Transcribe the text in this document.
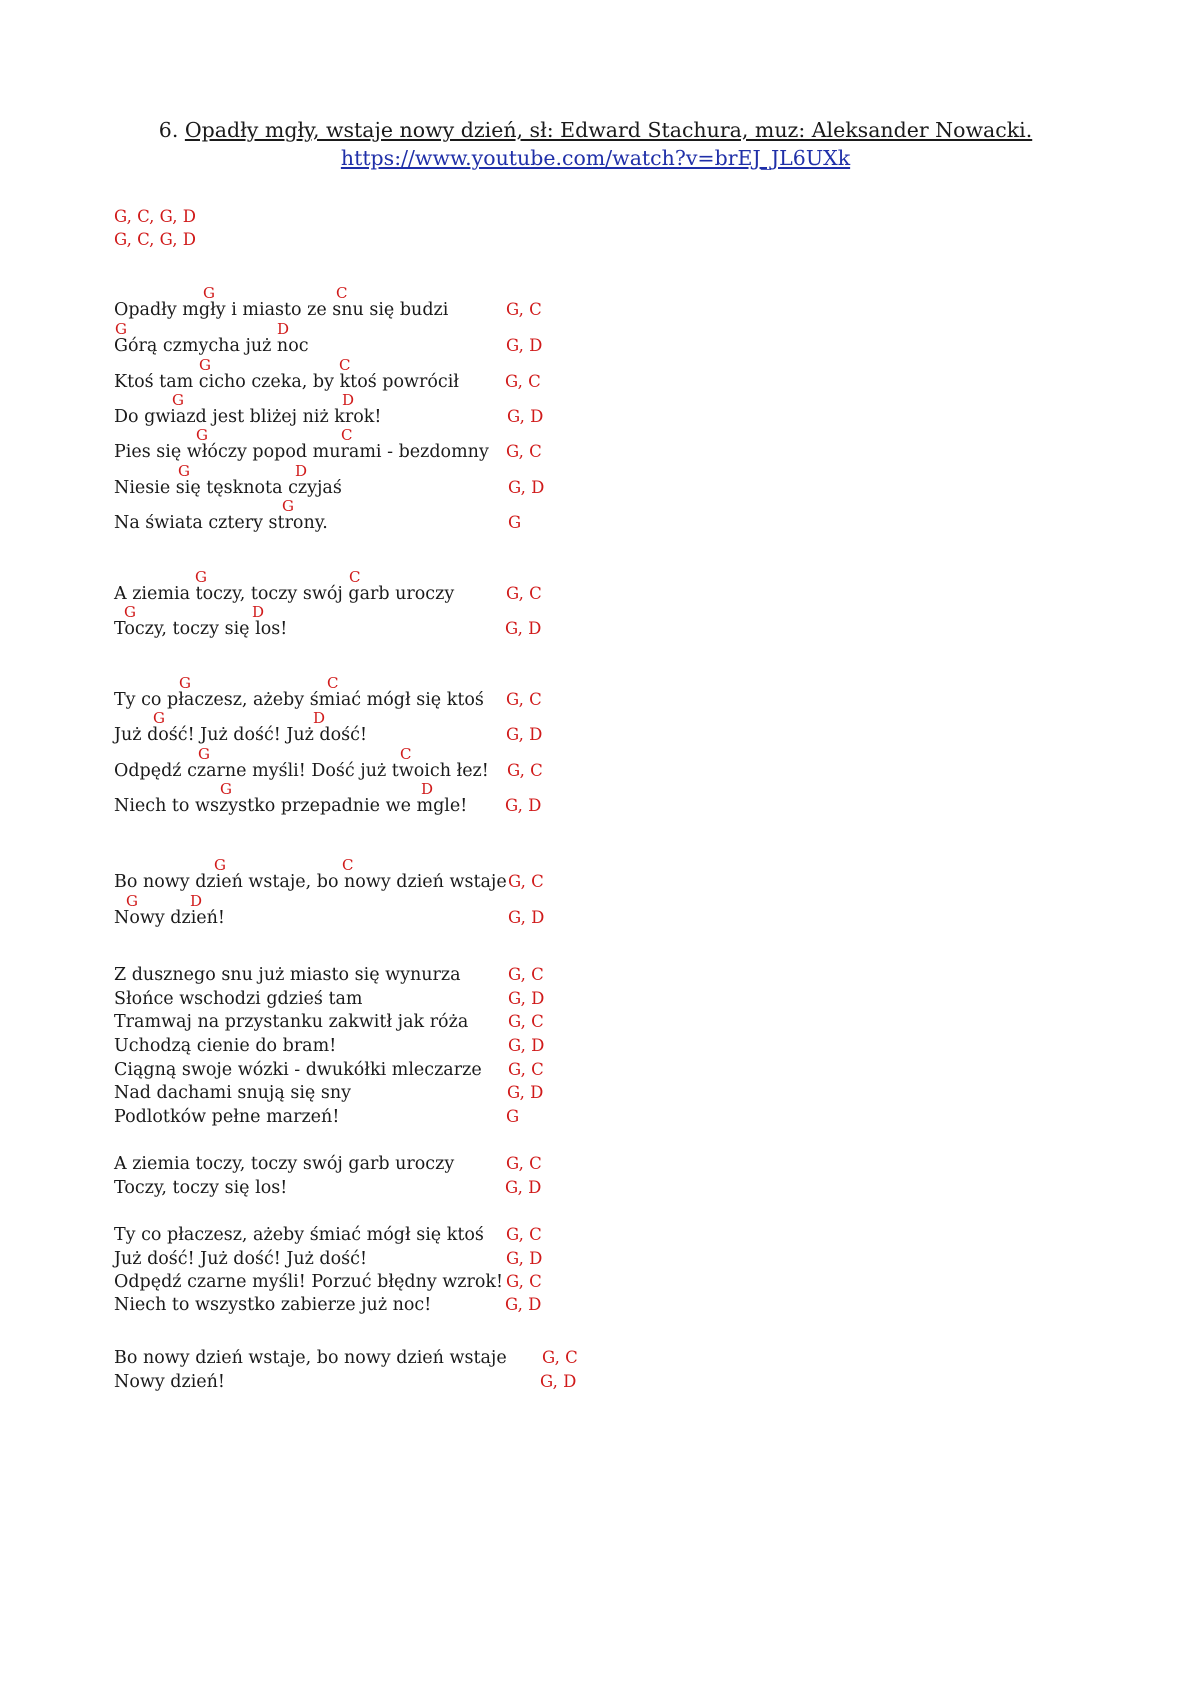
6. Opadły mgły, wstaje nowy dzień, sł: Edward Stachura, muz: Aleksander Nowacki.
https://www.youtube.com/watch?v=brEJ_JL6UXk
G, C, G, D
G, C, G, D
G	C
Opadły mgły i miasto ze snu się budzi	G, C
G	D
Górą czmycha już noc	G, D
G	C
Ktoś tam cicho czeka, by ktoś powrócił	G, C
G	D
Do gwiazd jest bliżej niż krok!	G, D
G	C
Pies się włóczy popod murami - bezdomny G, C
G	D
Niesie się tęsknota czyjaś	G, D
G
Na świata cztery strony.	G
G	C
A ziemia toczy, toczy swój garb uroczy	G, C
G	D
Toczy, toczy się los!	G, D
G	C
Ty co płaczesz, ażeby śmiać mógł się ktoś G, C
G	D
Już dość! Już dość! Już dość!	G, D
G	C
Odpędź czarne myśli! Dość już twoich łez! G, C
G	D
Niech to wszystko przepadnie we mgle! G, D
G	C
Bo nowy dzień wstaje, bo nowy dzień wstaje G, C
G	D
Nowy dzień!	G, D
Z dusznego snu już miasto się wynurza	G, C
Słońce wschodzi gdzieś tam	G, D
Tramwaj na przystanku zakwitł jak róża G, C
Uchodzą cienie do bram!	G, D
Ciągną swoje wózki - dwukółki mleczarze G, C
Nad dachami snują się sny	G, D
Podlotków pełne marzeń!	G
A ziemia toczy, toczy swój garb uroczy	G, C
Toczy, toczy się los!	G, D
Ty co płaczesz, ażeby śmiać mógł się ktoś G, C
Już dość! Już dość! Już dość!	G, D
Odpędź czarne myśli! Porzuć błędny wzrok! G, C
Niech to wszystko zabierze już noc!	G, D
Bo nowy dzień wstaje, bo nowy dzień wstaje G, C
Nowy dzień!	G, D
